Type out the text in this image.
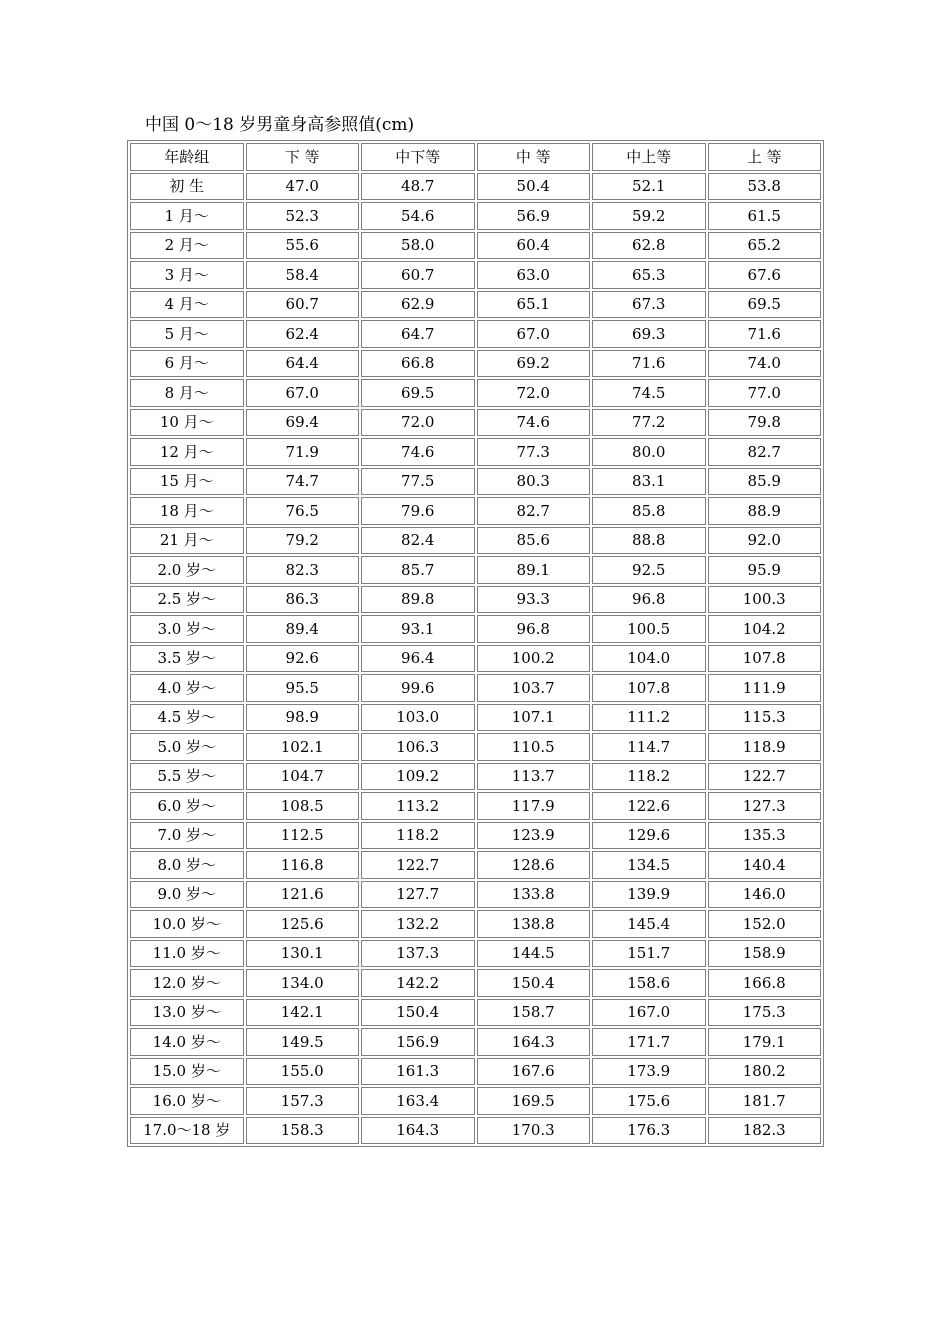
中国 0～18 岁男童身高参照值(cm)
年龄组	下 等	中下等	中 等	中上等	上 等
初 生	47.0	48.7	50.4	52.1	53.8
1 月～	52.3	54.6	56.9	59.2	61.5
2 月～	55.6	58.0	60.4	62.8	65.2
3 月～	58.4	60.7	63.0	65.3	67.6
4 月～	60.7	62.9	65.1	67.3	69.5
5 月～	62.4	64.7	67.0	69.3	71.6
6 月～	64.4	66.8	69.2	71.6	74.0
8 月～	67.0	69.5	72.0	74.5	77.0
10 月～	69.4	72.0	74.6	77.2	79.8
12 月～	71.9	74.6	77.3	80.0	82.7
15 月～	74.7	77.5	80.3	83.1	85.9
18 月～	76.5	79.6	82.7	85.8	88.9
21 月～	79.2	82.4	85.6	88.8	92.0
2.0 岁～	82.3	85.7	89.1	92.5	95.9
2.5 岁～	86.3	89.8	93.3	96.8	100.3
3.0 岁～	89.4	93.1	96.8	100.5	104.2
3.5 岁～	92.6	96.4	100.2	104.0	107.8
4.0 岁～	95.5	99.6	103.7	107.8	111.9
4.5 岁～	98.9	103.0	107.1	111.2	115.3
5.0 岁～	102.1	106.3	110.5	114.7	118.9
5.5 岁～	104.7	109.2	113.7	118.2	122.7
6.0 岁～	108.5	113.2	117.9	122.6	127.3
7.0 岁～	112.5	118.2	123.9	129.6	135.3
8.0 岁～	116.8	122.7	128.6	134.5	140.4
9.0 岁～	121.6	127.7	133.8	139.9	146.0
10.0 岁～	125.6	132.2	138.8	145.4	152.0
11.0 岁～	130.1	137.3	144.5	151.7	158.9
12.0 岁～	134.0	142.2	150.4	158.6	166.8
13.0 岁～	142.1	150.4	158.7	167.0	175.3
14.0 岁～	149.5	156.9	164.3	171.7	179.1
15.0 岁～	155.0	161.3	167.6	173.9	180.2
16.0 岁～	157.3	163.4	169.5	175.6	181.7
17.0～18 岁	158.3	164.3	170.3	176.3	182.3
